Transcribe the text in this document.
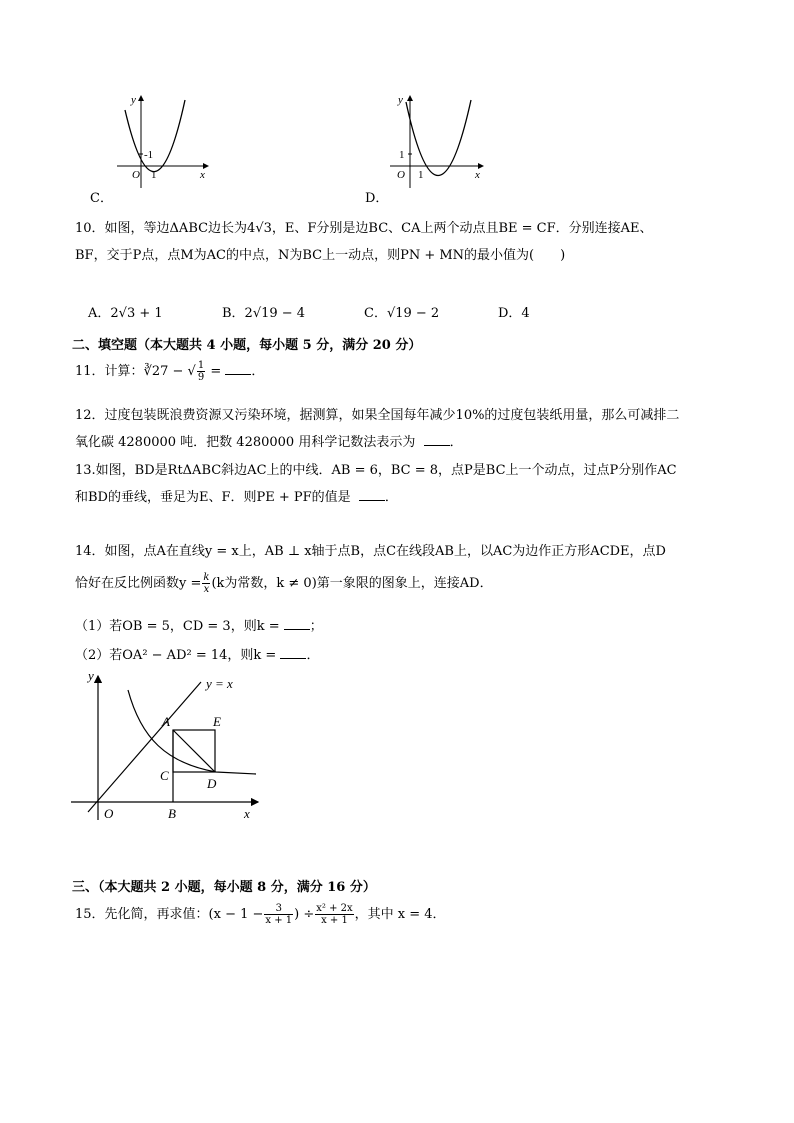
y
x
O
-1
1
C．
y
x
O
1
1
D．
10．如图，等边ΔABC边长为4√3，E、F分别是边BC、CA上两个动点且BE = CF．分别连接AE、
BF，交于P点，点M为AC的中点，N为BC上一动点，则PN + MN的最小值为(　　)
A．2√3 + 1	B．2√19 − 4	C．√19 − 2	D．4
二、填空题（本大题共 4 小题，每小题 5 分，满分 20 分）
11．计算：∛27 − √ $\frac{1}{9}$ = ．
12．过度包装既浪费资源又污染环境，据测算，如果全国每年减少10%的过度包装纸用量，那么可减排二
氧化碳 4280000 吨．把数 4280000 用科学记数法表示为	．
13.如图，BD是RtΔABC斜边AC上的中线．AB = 6，BC = 8，点P是BC上一个动点，过点P分别作AC
和BD的垂线，垂足为E、F．则PE + PF的值是	．
14．如图，点A在直线y = x上，AB ⊥ x轴于点B，点C在线段AB上，以AC为边作正方形ACDE，点D
恰好在反比例函数$y = \frac{k}{x} (k$为常数，k ≠ 0)第一象限的图象上，连接AD．
（1）若OB = 5，CD = 3，则k = ；
（2）若OA² − AD² = 14，则k = ．
y = x
y
x
O	B
A	E
C
D
三、（本大题共 2 小题，每小题 8 分，满分 16 分）
15．先化简，再求值：($x - 1 - \frac{3}{x + 1}$ ) ÷ $\frac{\text{x² + 2x}}{x + 1}$ ，其中 x = 4．
